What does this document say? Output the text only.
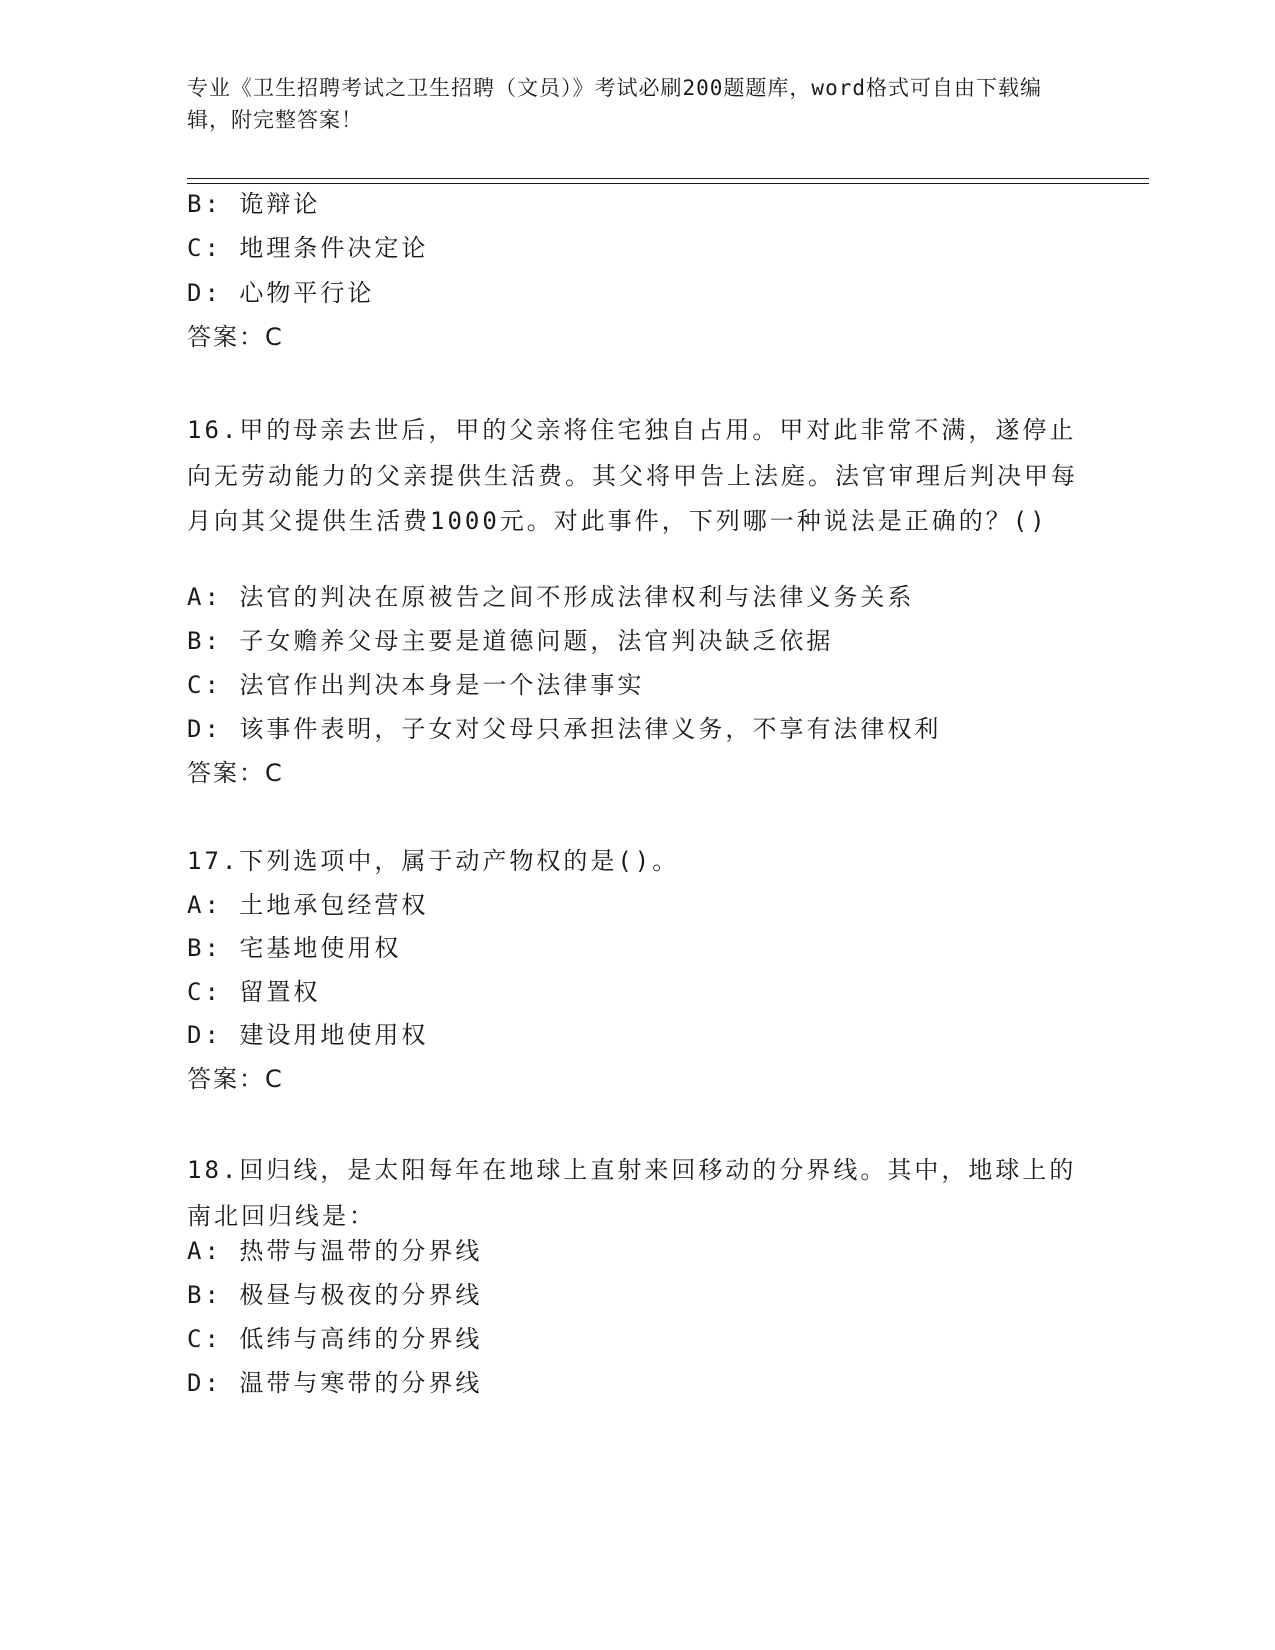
专业《卫生招聘考试之卫生招聘（文员）》考试必刷200题题库，word格式可自由下载编辑，附完整答案！
B: 诡辩论
C: 地理条件决定论
D: 心物平行论
答案：C
16.甲的母亲去世后，甲的父亲将住宅独自占用。甲对此非常不满，遂停止向无劳动能力的父亲提供生活费。其父将甲告上法庭。法官审理后判决甲每月向其父提供生活费1000元。对此事件，下列哪一种说法是正确的？()
A: 法官的判决在原被告之间不形成法律权利与法律义务关系
B: 子女赡养父母主要是道德问题，法官判决缺乏依据
C: 法官作出判决本身是一个法律事实
D: 该事件表明，子女对父母只承担法律义务，不享有法律权利
答案：C
17.下列选项中，属于动产物权的是()。
A: 土地承包经营权
B: 宅基地使用权
C: 留置权
D: 建设用地使用权
答案：C
18.回归线，是太阳每年在地球上直射来回移动的分界线。其中，地球上的南北回归线是：
A: 热带与温带的分界线
B: 极昼与极夜的分界线
C: 低纬与高纬的分界线
D: 温带与寒带的分界线
